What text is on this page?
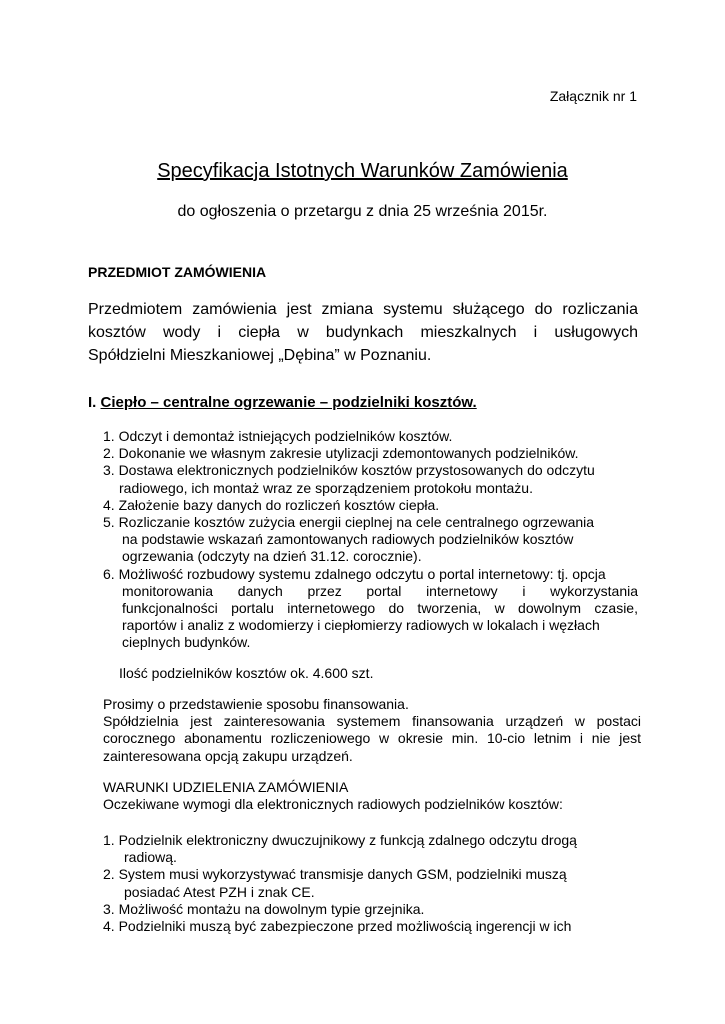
Załącznik nr 1
Specyfikacja Istotnych Warunków Zamówienia
do ogłoszenia o przetargu z dnia 25 września 2015r.
PRZEDMIOT ZAMÓWIENIA
Przedmiotem zamówienia jest zmiana systemu służącego do rozliczania
kosztów wody i ciepła w budynkach mieszkalnych i usługowych
Spółdzielni Mieszkaniowej „Dębina” w Poznaniu.
I. Ciepło – centralne ogrzewanie – podzielniki kosztów.
1. Odczyt i demontaż istniejących podzielników kosztów.
2. Dokonanie we własnym zakresie utylizacji zdemontowanych podzielników.
3. Dostawa elektronicznych podzielników kosztów przystosowanych do odczytu
radiowego, ich montaż wraz ze sporządzeniem protokołu montażu.
4. Założenie bazy danych do rozliczeń kosztów ciepła.
5. Rozliczanie kosztów zużycia energii cieplnej na cele centralnego ogrzewania
na podstawie wskazań zamontowanych radiowych podzielników kosztów
ogrzewania (odczyty na dzień 31.12. corocznie).
6. Możliwość rozbudowy systemu zdalnego odczytu o portal internetowy: tj. opcja
monitorowania danych przez portal internetowy i wykorzystania
funkcjonalności portalu internetowego do tworzenia, w dowolnym czasie,
raportów i analiz z wodomierzy i ciepłomierzy radiowych w lokalach i węzłach
cieplnych budynków.
Ilość podzielników kosztów ok. 4.600 szt.
Prosimy o przedstawienie sposobu finansowania.
Spółdzielnia jest zainteresowania systemem finansowania urządzeń w postaci
corocznego abonamentu rozliczeniowego w okresie min. 10-cio letnim i nie jest
zainteresowana opcją zakupu urządzeń.
WARUNKI UDZIELENIA ZAMÓWIENIA
Oczekiwane wymogi dla elektronicznych radiowych podzielników kosztów:
1. Podzielnik elektroniczny dwuczujnikowy z funkcją zdalnego odczytu drogą
radiową.
2. System musi wykorzystywać transmisje danych GSM, podzielniki muszą
posiadać Atest PZH i znak CE.
3. Możliwość montażu na dowolnym typie grzejnika.
4. Podzielniki muszą być zabezpieczone przed możliwością ingerencji w ich
